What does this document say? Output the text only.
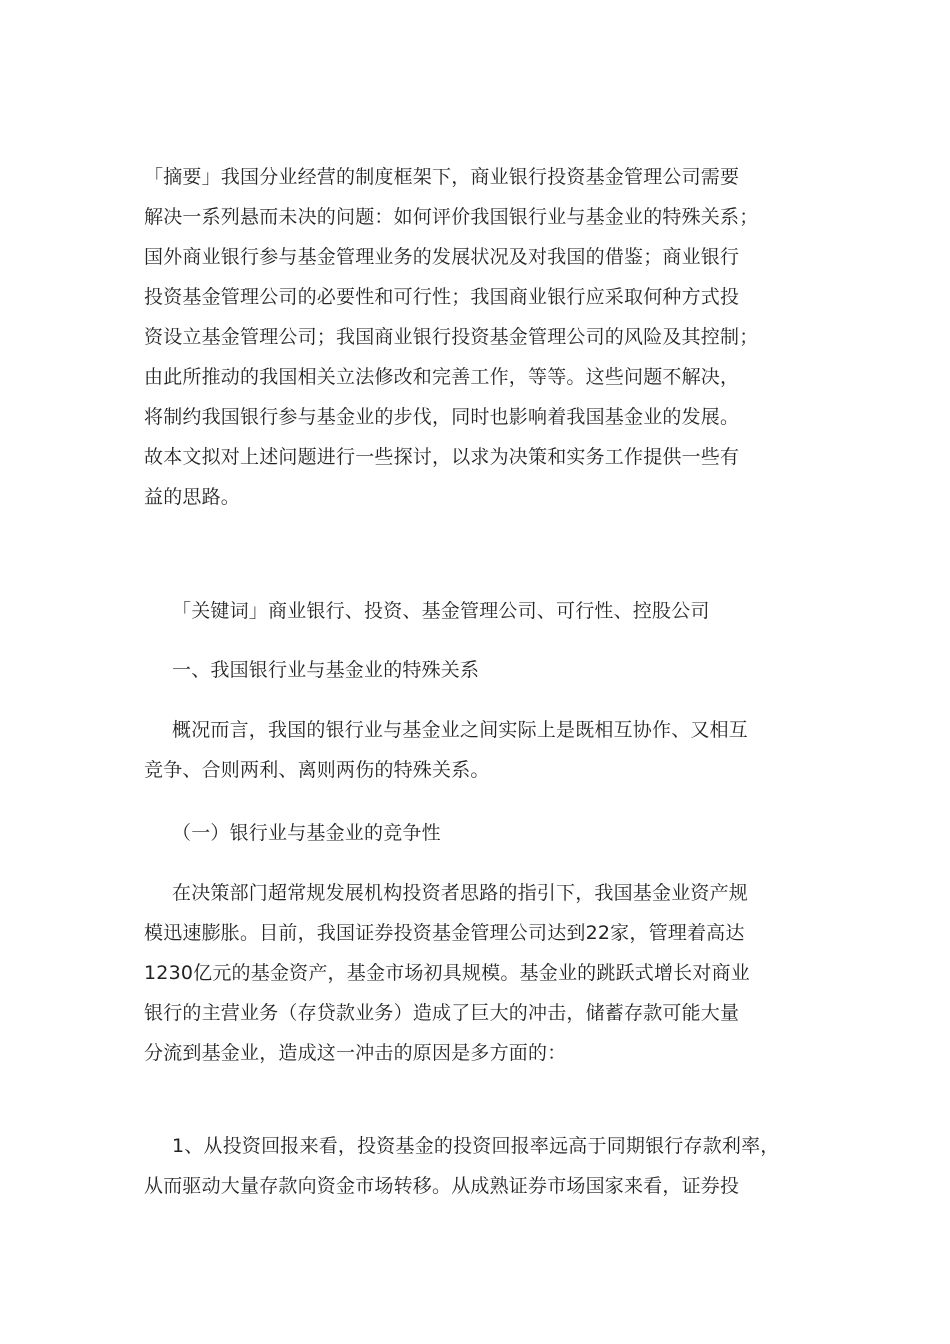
「摘要」我国分业经营的制度框架下，商业银行投资基金管理公司需要
解决一系列悬而未决的问题：如何评价我国银行业与基金业的特殊关系；
国外商业银行参与基金管理业务的发展状况及对我国的借鉴；商业银行
投资基金管理公司的必要性和可行性；我国商业银行应采取何种方式投
资设立基金管理公司；我国商业银行投资基金管理公司的风险及其控制；
由此所推动的我国相关立法修改和完善工作，等等。这些问题不解决，
将制约我国银行参与基金业的步伐，同时也影响着我国基金业的发展。
故本文拟对上述问题进行一些探讨，以求为决策和实务工作提供一些有
益的思路。
「关键词」商业银行、投资、基金管理公司、可行性、控股公司
一、我国银行业与基金业的特殊关系
概况而言，我国的银行业与基金业之间实际上是既相互协作、又相互
竞争、合则两利、离则两伤的特殊关系。
（一）银行业与基金业的竞争性
在决策部门超常规发展机构投资者思路的指引下，我国基金业资产规
模迅速膨胀。目前，我国证券投资基金管理公司达到22家，管理着高达
1230亿元的基金资产，基金市场初具规模。基金业的跳跃式增长对商业
银行的主营业务（存贷款业务）造成了巨大的冲击，储蓄存款可能大量
分流到基金业，造成这一冲击的原因是多方面的：
1、从投资回报来看，投资基金的投资回报率远高于同期银行存款利率，
从而驱动大量存款向资金市场转移。从成熟证券市场国家来看，证券投
